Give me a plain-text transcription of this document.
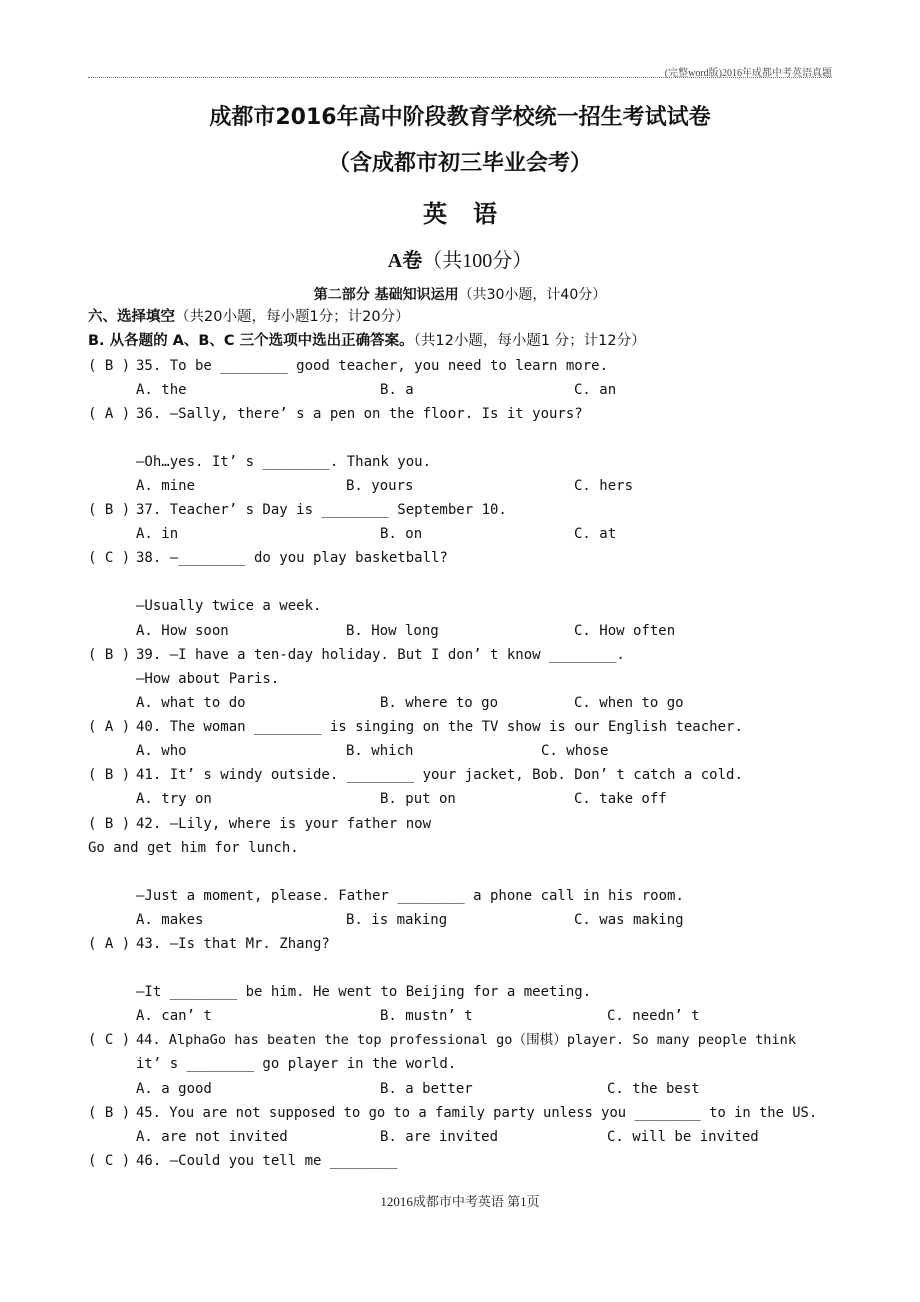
(完整word版)2016年成都中考英语真题
成都市2016年高中阶段教育学校统一招生考试试卷
（含成都市初三毕业会考）
英语
A卷（共100分）
第二部分 基础知识运用（共30小题，计40分）
六、选择填空（共20小题，每小题1分；计20分）
B. 从各题的 A、B、C 三个选项中选出正确答案。（共12小题，每小题1 分；计12分）
( B ) 35. To be ________ good teacher, you need to learn more.
A. the	B. a	C. an
( A ) 36. —Sally, there’ s a pen on the floor. Is it yours?
—Oh…yes. It’ s ________. Thank you.
A. mine	B. yours	C. hers
( B ) 37. Teacher’ s Day is ________ September 10.
A. in	B. on	C. at
( C ) 38. —________ do you play basketball?
—Usually twice a week.
A. How soon	B. How long	C. How often
( B ) 39. —I have a ten-day holiday. But I don’ t know ________.
—How about Paris.
A. what to do	B. where to go	C. when to go
( A ) 40. The woman ________ is singing on the TV show is our English teacher.
A. who	B. which	C. whose
( B ) 41. It’ s windy outside. ________ your jacket, Bob. Don’ t catch a cold.
A. try on	B. put on	C. take off
( B ) 42. —Lily, where is your father now
Go and get him for lunch.
—Just a moment, please. Father ________ a phone call in his room.
A. makes	B. is making	C. was making
( A ) 43. —Is that Mr. Zhang?
—It ________ be him. He went to Beijing for a meeting.
A. can’ t	B. mustn’ t	C. needn’ t
( C ) 44. AlphaGo has beaten the top professional go（围棋）player. So many people think
it’ s ________ go player in the world.
A. a good	B. a better	C. the best
( B ) 45. You are not supposed to go to a family party unless you ________ to in the US.
A. are not invited	B. are invited	C. will be invited
( C ) 46. —Could you tell me ________
12016成都市中考英语 第1页
